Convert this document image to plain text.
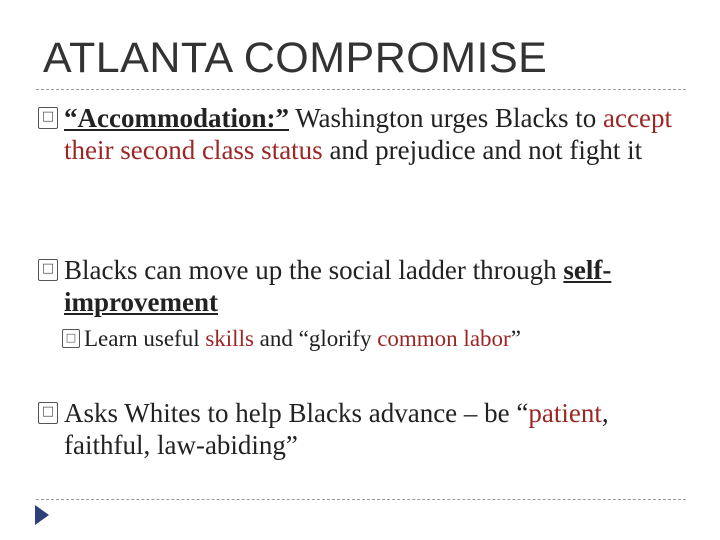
ATLANTA COMPROMISE
□ “Accommodation:” Washington urges Blacks to accept their second class status and prejudice and not fight it
□ Blacks can move up the social ladder through self-improvement
□ Learn useful skills and “glorify common labor”
□ Asks Whites to help Blacks advance – be “patient, faithful, law-abiding”
